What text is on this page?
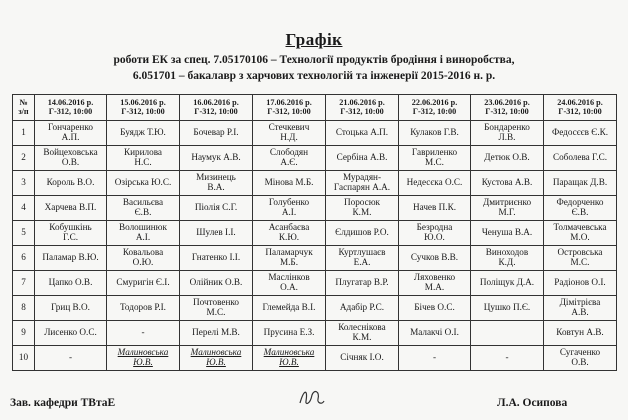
Графік
роботи ЕК за спец. 7.05170106 – Технології продуктів бродіння і виноробства,
6.051701 – бакалавр з харчових технологій та інженерії 2015-2016 н. р.
№
з/п	14.06.2016 р.
Г-312, 10:00	15.06.2016 р.
Г-312, 10:00	16.06.2016 р.
Г-312, 10:00	17.06.2016 р.
Г-312, 10:00	21.06.2016 р.
Г-312, 10:00	22.06.2016 р.
Г-312, 10:00	23.06.2016 р.
Г-312, 10:00	24.06.2016 р.
Г-312, 10:00

1	Гончаренко
А.П.	Буядж Т.Ю.	Бочевар Р.І.	Стечкевич
Н.Д.	Стоцька А.П.	Кулаков Г.В.	Бондаренко
Л.В.	Федосєєв Є.К.

2	Войцеховська
О.В.	Кирилова
Н.С.	Наумук А.В.	Слободян
А.Є.	Сербіна А.В.	Гавриленко
М.С.	Детюк О.В.	Соболева Г.С.

3	Король В.О.	Озірська Ю.С.	Мизинець
В.А.	Мінова М.Б.	Мурадян-
Гаспарян А.А.	Недесєка О.С.	Кустова А.В.	Паращак Д.В.

4	Харчева В.П.	Васильєва
Є.В.	Піолія С.Г.	Голубенко
А.І.	Поросюк
К.М.	Начев П.К.	Дмитриєнко
М.Г.	Федорченко
Є.В.

5	Кобушкінь
Г.С.	Волошинюк
А.І.	Шулев І.І.	Асанбаєва
К.Ю.	Єлдишов Р.О.	Безродна
Ю.О.	Ченуша В.А.	Толмачевська
М.О.

6	Паламар В.Ю.	Ковальова
О.Ю.	Гнатенко І.І.	Паламарчук
М.Б.	Куртлушаєв
Е.А.	Сучков В.В.	Виноходов
К.Д.	Островська
М.С.

7	Цапко О.В.	Смуригін Є.І.	Олійник О.В.	Маслінков
О.А.	Плугатар В.Р.	Ляховенко
М.А.	Поліщук Д.А.	Радіонов О.І.

8	Гриц В.О.	Тодоров Р.І.	Почтовенко
М.С.	Глемейда В.І.	Адабір Р.С.	Бічев О.С.	Цушко П.Є.	Дімітрієва
А.В.

9	Лисенко О.С.	-	Перелі М.В.	Прусина Е.З.	Колеснікова
К.М.	Малакчі О.І.		Ковтун А.В.

10	-	Малиновська
Ю.В.	Малиновська
Ю.В.	Малиновська
Ю.В.	Січняк І.О.	-	-	Сугаченко
О.В.
Зав. кафедри ТВтаЕ	Л.А. Осипова
